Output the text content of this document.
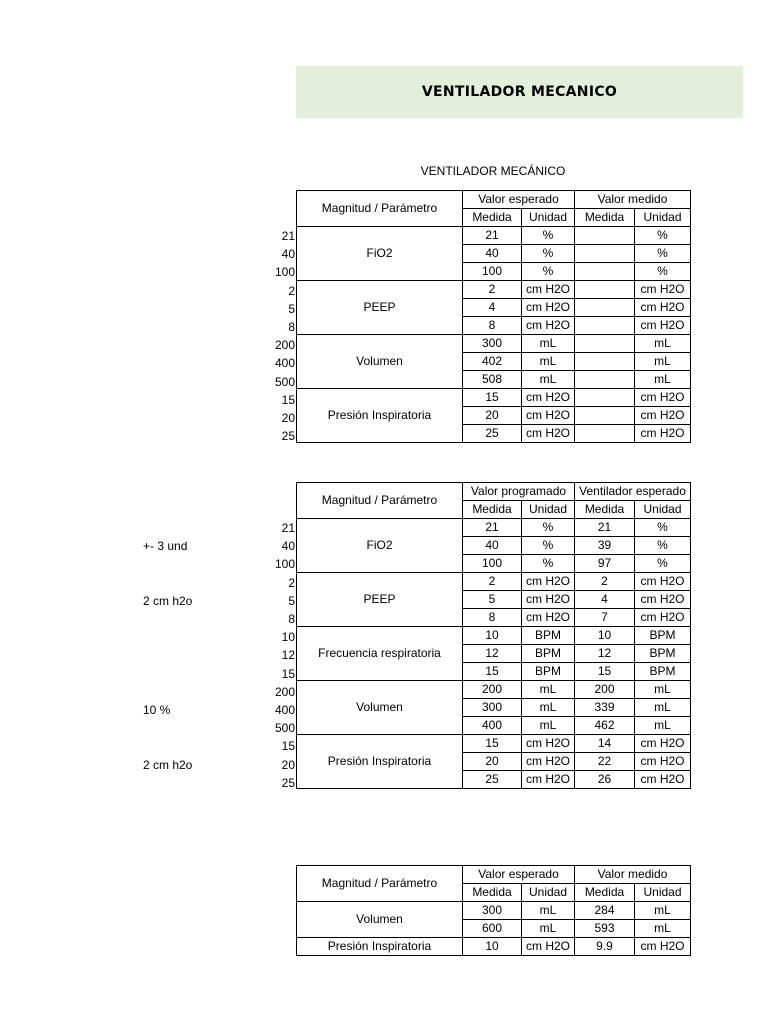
VENTILADOR MECANICO
VENTILADOR MECÁNICO
Magnitud / Parámetro	Valor esperado		Valor medido	
	Medida	Unidad	Medida	Unidad
FiO2	21	%		%
	40	%		%
	100	%		%
PEEP	2	cm H2O		cm H2O
	4	cm H2O		cm H2O
	8	cm H2O		cm H2O
Volumen	300	mL		mL
	402	mL		mL
	508	mL		mL
Presión Inspiratoria	15	cm H2O		cm H2O
	20	cm H2O		cm H2O
	25	cm H2O		cm H2O
21
40
100
2
5
8
200
400
500
15
20
25
Magnitud / Parámetro	Valor programado		Ventilador esperado	
	Medida	Unidad	Medida	Unidad
FiO2	21	%	21	%
	40	%	39	%
	100	%	97	%
PEEP	2	cm H2O	2	cm H2O
	5	cm H2O	4	cm H2O
	8	cm H2O	7	cm H2O
Frecuencia respiratoria	10	BPM	10	BPM
	12	BPM	12	BPM
	15	BPM	15	BPM
Volumen	200	mL	200	mL
	300	mL	339	mL
	400	mL	462	mL
Presión Inspiratoria	15	cm H2O	14	cm H2O
	20	cm H2O	22	cm H2O
	25	cm H2O	26	cm H2O
21
40
100
2
5
8
10
12
15
200
400
500
15
20
25
+- 3 und
2 cm h2o
10 %
2 cm h2o
Magnitud / Parámetro	Valor esperado		Valor medido	
	Medida	Unidad	Medida	Unidad
Volumen	300	mL	284	mL
	600	mL	593	mL
Presión Inspiratoria	10	cm H2O	9.9	cm H2O
